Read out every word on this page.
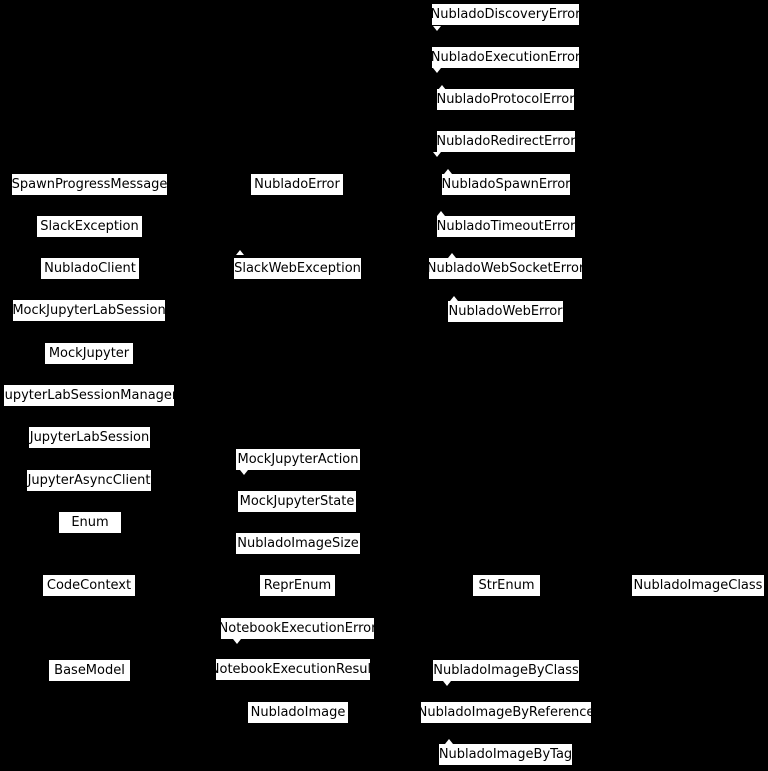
SpawnProgressMessage
SlackException
NubladoClient
MockJupyterLabSession
MockJupyter
JupyterLabSessionManager
JupyterLabSession
JupyterAsyncClient
Enum
CodeContext
BaseModel
NubladoError
SlackWebException
MockJupyterAction
MockJupyterState
NubladoImageSize
ReprEnum
NotebookExecutionError
NotebookExecutionResult
NubladoImage
NubladoDiscoveryError
NubladoExecutionError
NubladoProtocolError
NubladoRedirectError
NubladoSpawnError
NubladoTimeoutError
NubladoWebSocketError
NubladoWebError
StrEnum
NubladoImageByClass
NubladoImageByReference
NubladoImageByTag
NubladoImageClass
